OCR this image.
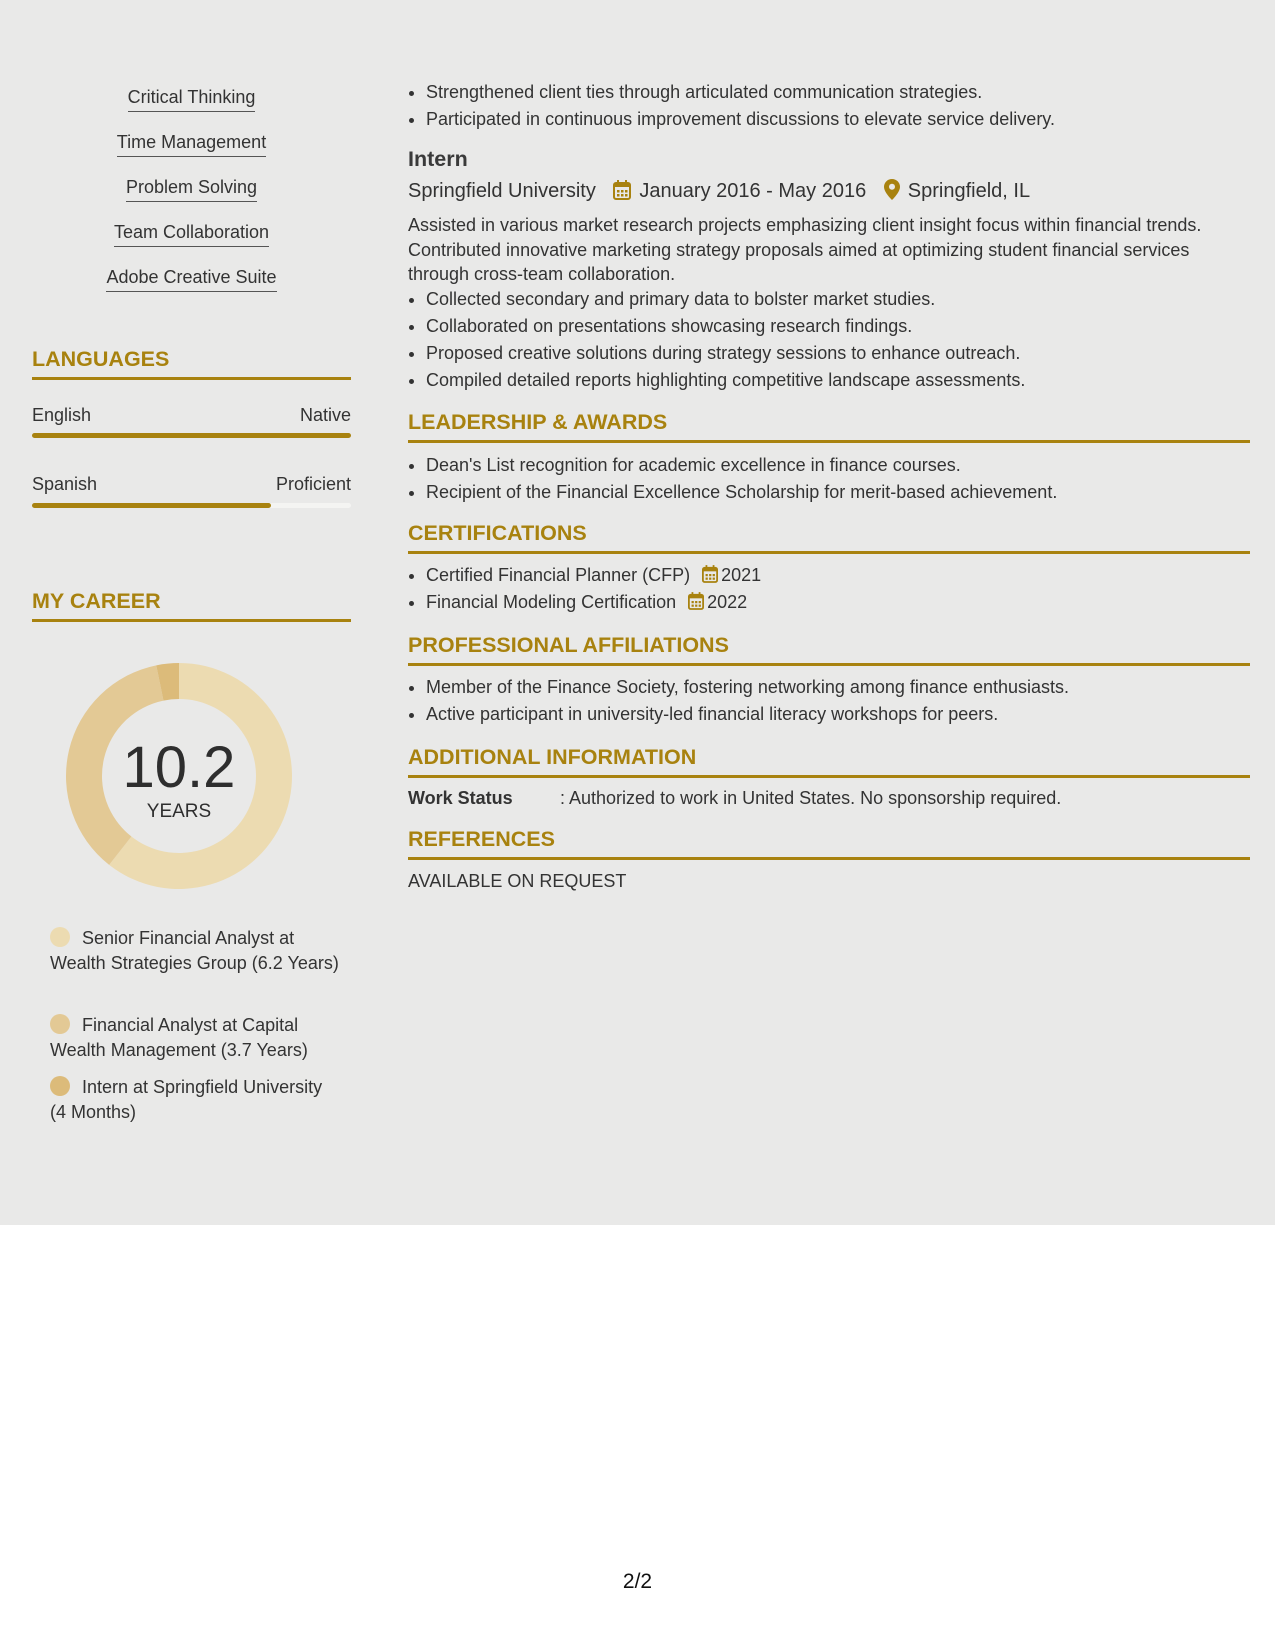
Critical Thinking
Time Management
Problem Solving
Team Collaboration
Adobe Creative Suite
LANGUAGES
English	Native
Spanish	Proficient
MY CAREER
10.2
YEARS
Senior Financial Analyst at Wealth Strategies Group (6.2 Years)
Financial Analyst at Capital Wealth Management (3.7 Years)
Intern at Springfield University (4 Months)
• Strengthened client ties through articulated communication strategies.
• Participated in continuous improvement discussions to elevate service delivery.
Intern
Springfield University January 2016 - May 2016 Springfield, IL
Assisted in various market research projects emphasizing client insight focus within financial trends. Contributed innovative marketing strategy proposals aimed at optimizing student financial services through cross-team collaboration.
• Collected secondary and primary data to bolster market studies.
• Collaborated on presentations showcasing research findings.
• Proposed creative solutions during strategy sessions to enhance outreach.
• Compiled detailed reports highlighting competitive landscape assessments.
LEADERSHIP & AWARDS
• Dean's List recognition for academic excellence in finance courses.
• Recipient of the Financial Excellence Scholarship for merit-based achievement.
CERTIFICATIONS
• Certified Financial Planner (CFP) 2021
• Financial Modeling Certification 2022
PROFESSIONAL AFFILIATIONS
• Member of the Finance Society, fostering networking among finance enthusiasts.
• Active participant in university-led financial literacy workshops for peers.
ADDITIONAL INFORMATION
Work Status	: Authorized to work in United States. No sponsorship required.
REFERENCES
AVAILABLE ON REQUEST
2/2
